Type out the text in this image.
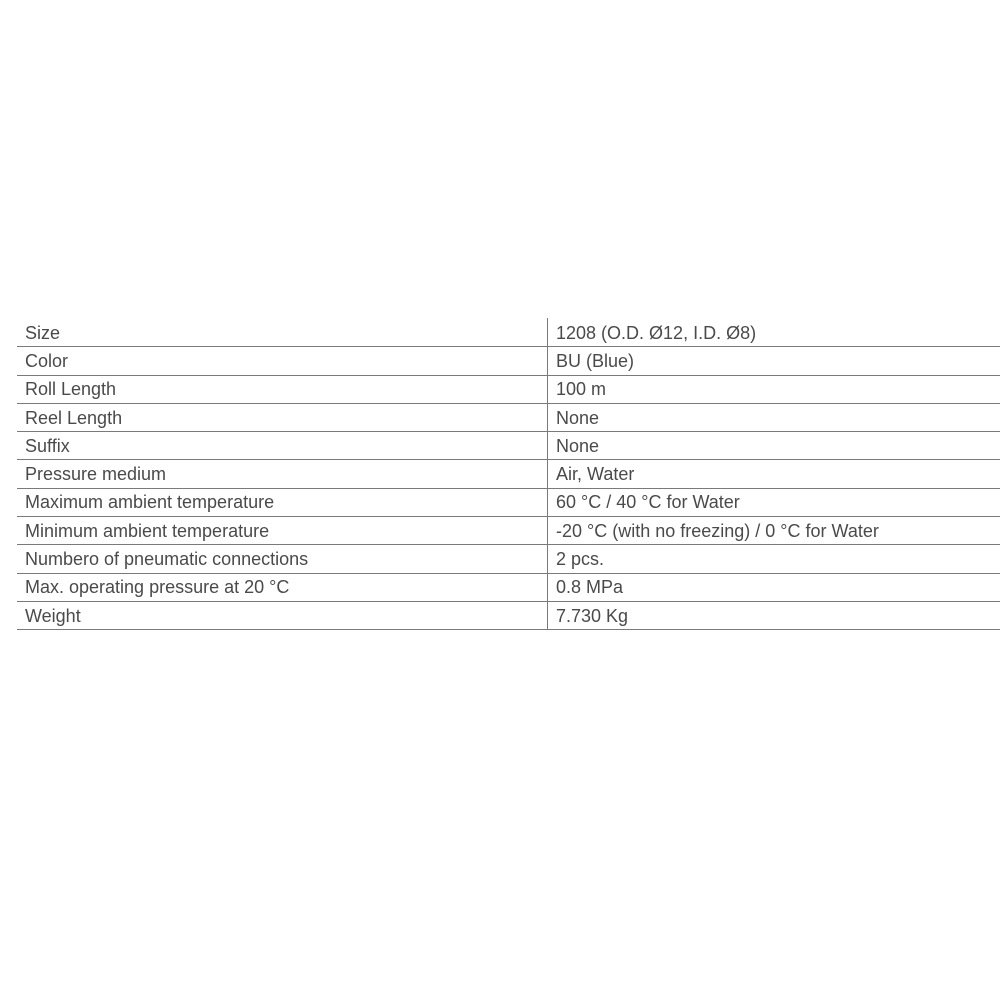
Size	1208 (O.D. Ø12, I.D. Ø8)
Color	BU (Blue)
Roll Length	100 m
Reel Length	None
Suffix	None
Pressure medium	Air, Water
Maximum ambient temperature	60 °C / 40 °C for Water
Minimum ambient temperature	-20 °C (with no freezing) / 0 °C for Water
Numbero of pneumatic connections	2 pcs.
Max. operating pressure at 20 °C	0.8 MPa
Weight	7.730 Kg
